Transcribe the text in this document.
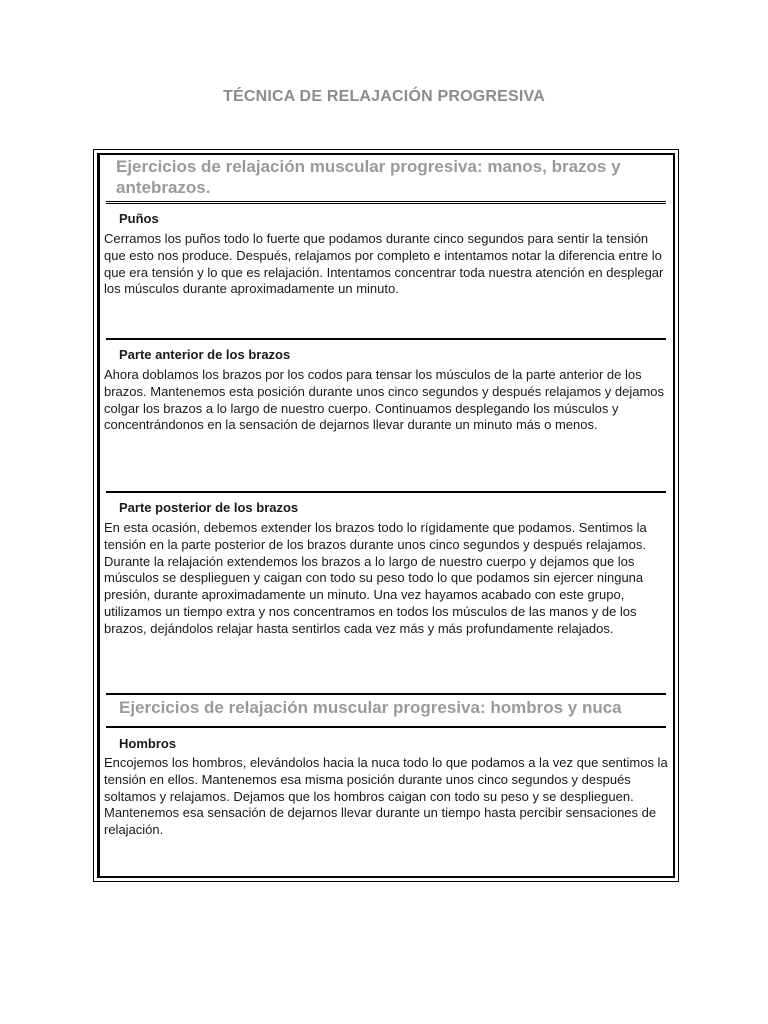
TÉCNICA DE RELAJACIÓN PROGRESIVA
Ejercicios de relajación muscular progresiva: manos, brazos y antebrazos.
Puños
Cerramos los puños todo lo fuerte que podamos durante cinco segundos para sentir la tensión que esto nos produce. Después, relajamos por completo e intentamos notar la diferencia entre lo que era tensión y lo que es relajación. Intentamos concentrar toda nuestra atención en desplegar los músculos durante aproximadamente un minuto.
Parte anterior de los brazos
Ahora doblamos los brazos por los codos para tensar los músculos de la parte anterior de los brazos. Mantenemos esta posición durante unos cinco segundos y después relajamos y dejamos colgar los brazos a lo largo de nuestro cuerpo. Continuamos desplegando los músculos y concentrándonos en la sensación de dejarnos llevar durante un minuto más o menos.
Parte posterior de los brazos
En esta ocasión, debemos extender los brazos todo lo rígidamente que podamos. Sentimos la tensión en la parte posterior de los brazos durante unos cinco segundos y después relajamos. Durante la relajación extendemos los brazos a lo largo de nuestro cuerpo y dejamos que los músculos se desplieguen y caigan con todo su peso todo lo que podamos sin ejercer ninguna presión, durante aproximadamente un minuto. Una vez hayamos acabado con este grupo, utilizamos un tiempo extra y nos concentramos en todos los músculos de las manos y de los brazos, dejándolos relajar hasta sentirlos cada vez más y más profundamente relajados.
Ejercicios de relajación muscular progresiva: hombros y nuca
Hombros
Encojemos los hombros, elevándolos hacia la nuca todo lo que podamos a la vez que sentimos la tensión en ellos. Mantenemos esa misma posición durante unos cinco segundos y después soltamos y relajamos. Dejamos que los hombros caigan con todo su peso y se desplieguen. Mantenemos esa sensación de dejarnos llevar durante un tiempo hasta percibir sensaciones de relajación.
